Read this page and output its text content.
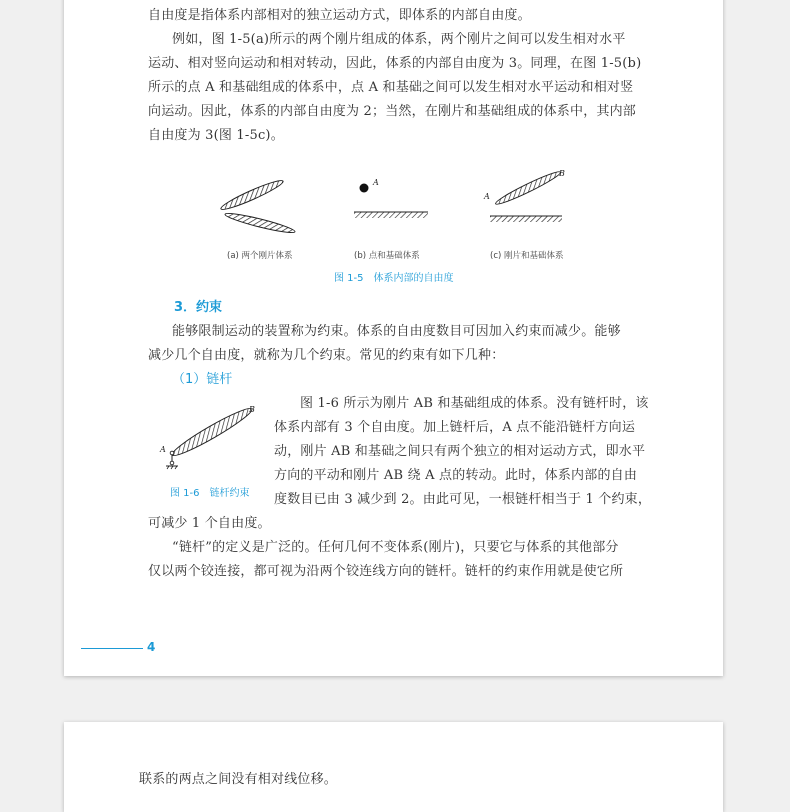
自由度是指体系内部相对的独立运动方式，即体系的内部自由度。
例如，图 1-5(a)所示的两个刚片组成的体系，两个刚片之间可以发生相对水平
运动、相对竖向运动和相对转动，因此，体系的内部自由度为 3。同理，在图 1-5(b)
所示的点 A 和基础组成的体系中，点 A 和基础之间可以发生相对水平运动和相对竖
向运动。因此，体系的内部自由度为 2；当然，在刚片和基础组成的体系中，其内部
自由度为 3(图 1-5c)。
A
B
A
(a) 两个刚片体系	(b) 点和基础体系	(c) 刚片和基础体系
图 1-5　体系内部的自由度
3．约束
能够限制运动的装置称为约束。体系的自由度数目可因加入约束而减少。能够
减少几个自由度，就称为几个约束。常见的约束有如下几种：
（1）链杆
A
B
图 1-6　链杆约束
图 1-6 所示为刚片 AB 和基础组成的体系。没有链杆时，该
体系内部有 3 个自由度。加上链杆后，A 点不能沿链杆方向运
动，刚片 AB 和基础之间只有两个独立的相对运动方式，即水平
方向的平动和刚片 AB 绕 A 点的转动。此时，体系内部的自由
度数目已由 3 减少到 2。由此可见，一根链杆相当于 1 个约束，
可减少 1 个自由度。
“链杆”的定义是广泛的。任何几何不变体系(刚片)，只要它与体系的其他部分
仅以两个铰连接，都可视为沿两个铰连线方向的链杆。链杆的约束作用就是使它所
4
联系的两点之间没有相对线位移。
